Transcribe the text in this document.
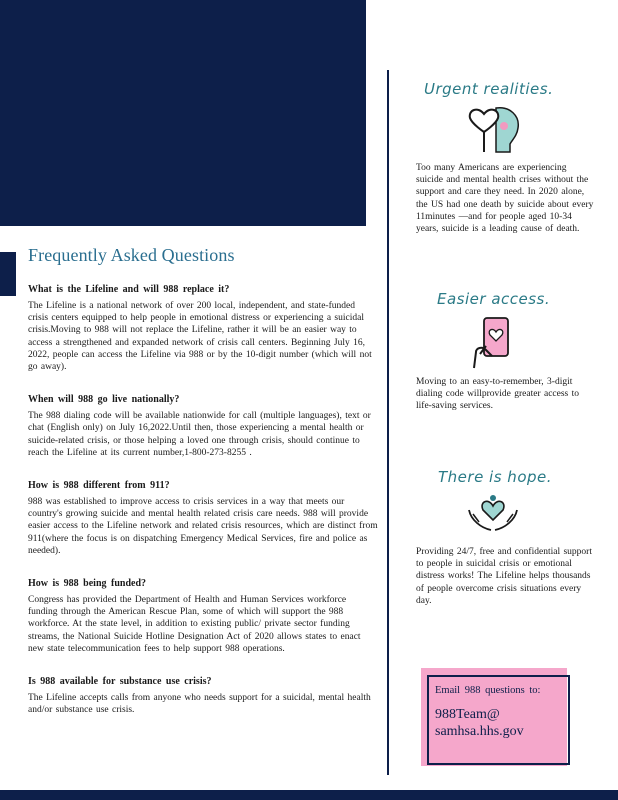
Frequently Asked Questions
What is the Lifeline and will 988 replace it?
The Lifeline is a national network of over 200 local, independent, and state-funded crisis centers equipped to help people in emotional distress or experiencing a suicidal crisis.Moving to 988 will not replace the Lifeline, rather it will be an easier way to access a strengthened and expanded network of crisis call centers. Beginning July 16, 2022, people can access the Lifeline via 988 or by the 10-digit number (which will not go away).
When will 988 go live nationally?
The 988 dialing code will be available nationwide for call (multiple languages), text or chat (English only) on July 16,2022.Until then, those experiencing a mental health or suicide-related crisis, or those helping a loved one through crisis, should continue to reach the Lifeline at its current number,1-800-273-8255 .
How is 988 different from 911?
988 was established to improve access to crisis services in a way that meets our country's growing suicide and mental health related crisis care needs. 988 will provide easier access to the Lifeline network and related crisis resources, which are distinct from 911(where the focus is on dispatching Emergency Medical Services, fire and police as needed).
How is 988 being funded?
Congress has provided the Department of Health and Human Services workforce funding through the American Rescue Plan, some of which will support the 988 workforce. At the state level, in addition to existing public/ private sector funding streams, the National Suicide Hotline Designation Act of 2020 allows states to enact new state telecommunication fees to help support 988 operations.
Is 988 available for substance use crisis?
The Lifeline accepts calls from anyone who needs support for a suicidal, mental health and/or substance use crisis.
Urgent realities.
Too many Americans are experiencing suicide and mental health crises without the support and care they need. In 2020 alone, the US had one death by suicide about every 11minutes —and for people aged 10-34 years, suicide is a leading cause of death.
Easier access.
Moving to an easy-to-remember, 3-digit dialing code willprovide greater access to life-saving services.
There is hope.
Providing 24/7, free and confidential support to people in suicidal crisis or emotional distress works! The Lifeline helps thousands of people overcome crisis situations every day.
Email 988 questions to:
988Team@ samhsa.hhs.gov
